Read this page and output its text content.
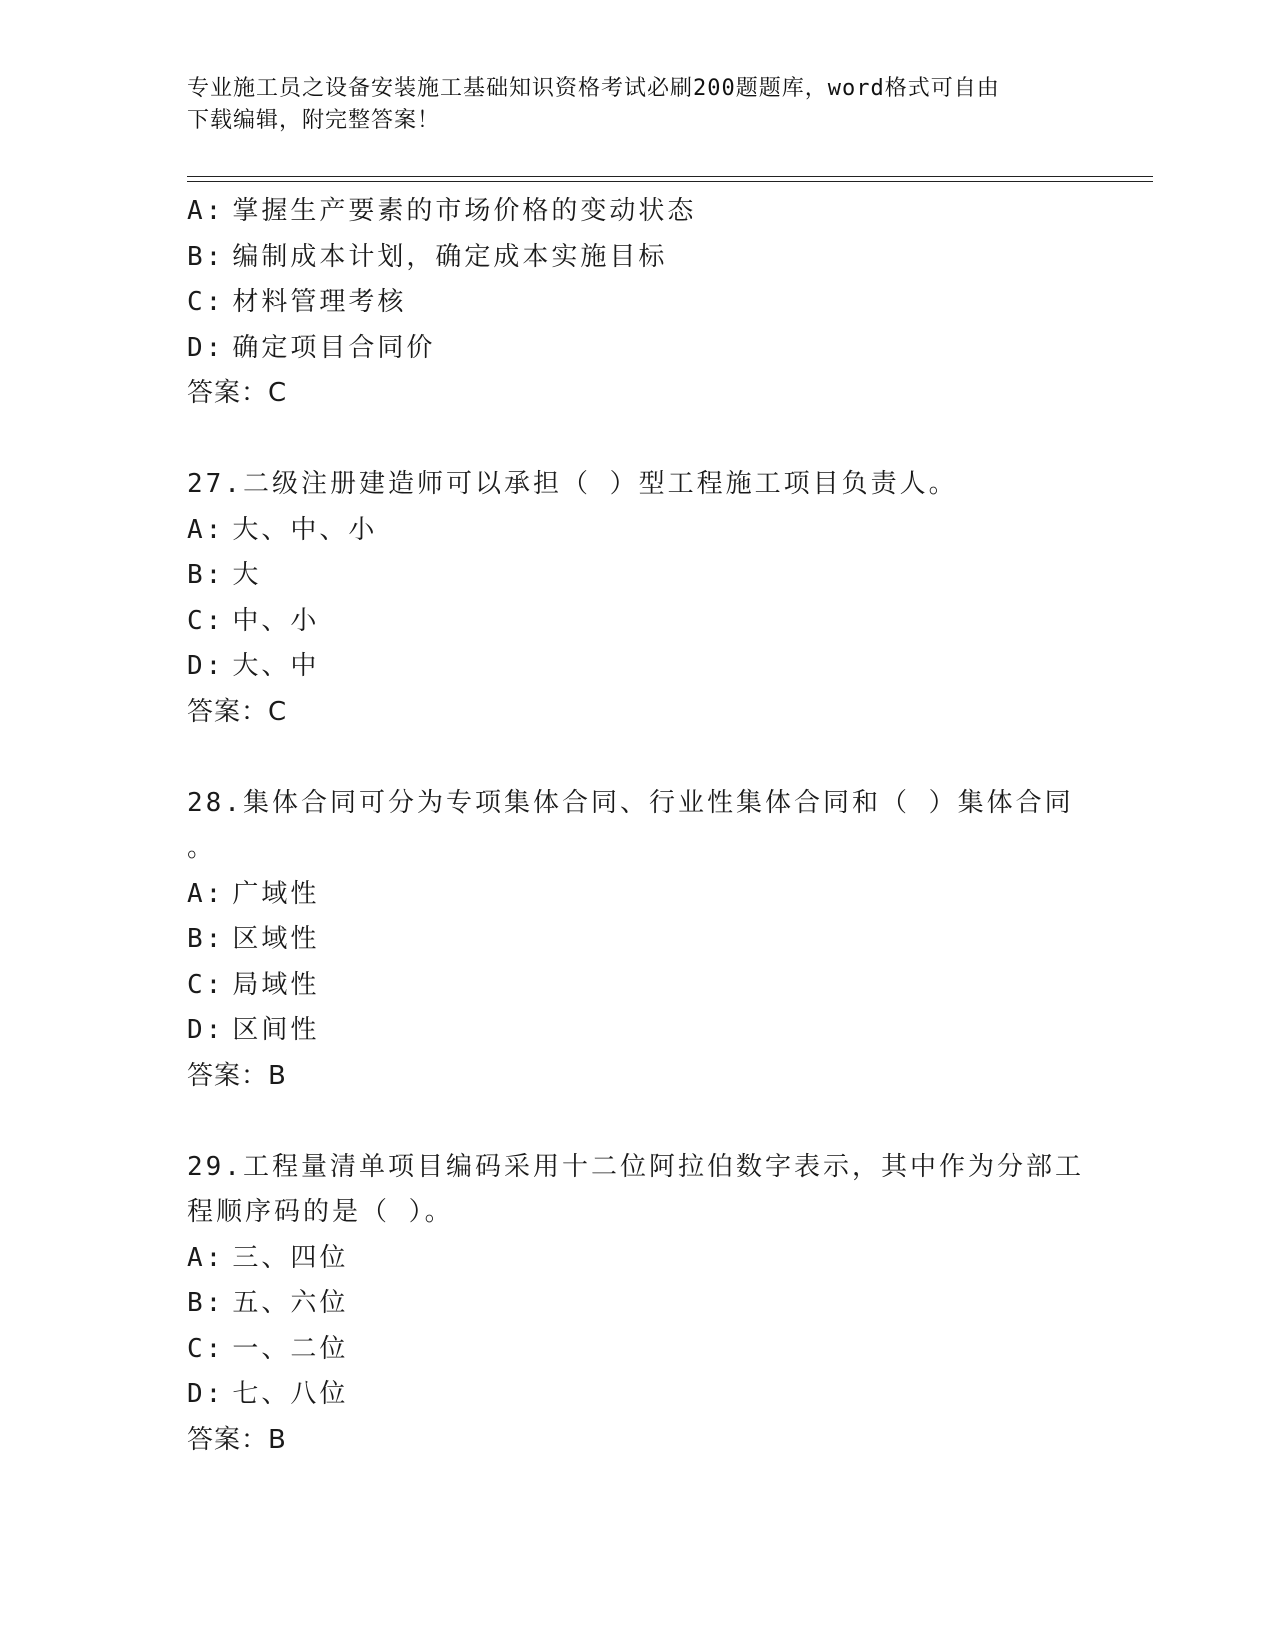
专业施工员之设备安装施工基础知识资格考试必刷200题题库，word格式可自由
下载编辑，附完整答案！
A: 掌握生产要素的市场价格的变动状态
B: 编制成本计划，确定成本实施目标
C: 材料管理考核
D: 确定项目合同价
答案：C
27.二级注册建造师可以承担（ ）型工程施工项目负责人。
A: 大、中、小
B: 大
C: 中、小
D: 大、中
答案：C
28.集体合同可分为专项集体合同、行业性集体合同和（ ）集体合同
。
A: 广域性
B: 区域性
C: 局域性
D: 区间性
答案：B
29.工程量清单项目编码采用十二位阿拉伯数字表示，其中作为分部工
程顺序码的是（ ）。
A: 三、四位
B: 五、六位
C: 一、二位
D: 七、八位
答案：B
